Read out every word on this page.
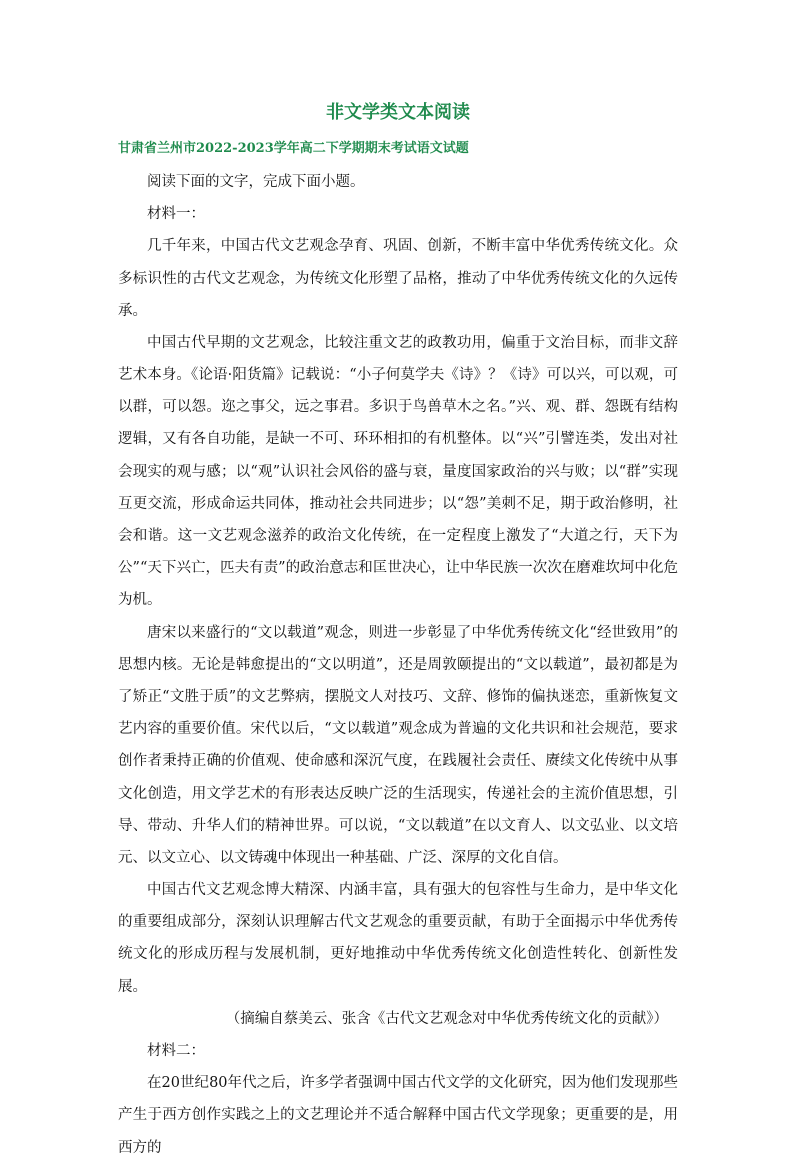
非文学类文本阅读
甘肃省兰州市2022-2023学年高二下学期期末考试语文试题

阅读下面的文字，完成下面小题。

材料一：

几千年来，中国古代文艺观念孕育、巩固、创新，不断丰富中华优秀传统文化。众多标识性的古代文艺观念，为传统文化形塑了品格，推动了中华优秀传统文化的久远传承。

中国古代早期的文艺观念，比较注重文艺的政教功用，偏重于文治目标，而非文辞艺术本身。《论语·阳货篇》记载说：“小子何莫学夫《诗》？《诗》可以兴，可以观，可以群，可以怨。迩之事父，远之事君。多识于鸟兽草木之名。”兴、观、群、怨既有结构逻辑，又有各自功能，是缺一不可、环环相扣的有机整体。以“兴”引譬连类，发出对社会现实的观与感；以“观”认识社会风俗的盛与衰，量度国家政治的兴与败；以“群”实现互更交流，形成命运共同体，推动社会共同进步；以“怨”美刺不足，期于政治修明，社会和谐。这一文艺观念滋养的政治文化传统，在一定程度上激发了“大道之行，天下为公”“天下兴亡，匹夫有责”的政治意志和匡世决心，让中华民族一次次在磨难坎坷中化危为机。

唐宋以来盛行的“文以载道”观念，则进一步彰显了中华优秀传统文化“经世致用”的思想内核。无论是韩愈提出的“文以明道”，还是周敦颐提出的“文以载道”，最初都是为了矫正“文胜于质”的文艺弊病，摆脱文人对技巧、文辞、修饰的偏执迷恋，重新恢复文艺内容的重要价值。宋代以后，“文以载道”观念成为普遍的文化共识和社会规范，要求创作者秉持正确的价值观、使命感和深沉气度，在践履社会责任、赓续文化传统中从事文化创造，用文学艺术的有形表达反映广泛的生活现实，传递社会的主流价值思想，引导、带动、升华人们的精神世界。可以说，“文以载道”在以文育人、以文弘业、以文培元、以文立心、以文铸魂中体现出一种基础、广泛、深厚的文化自信。

中国古代文艺观念博大精深、内涵丰富，具有强大的包容性与生命力，是中华文化的重要组成部分，深刻认识理解古代文艺观念的重要贡献，有助于全面揭示中华优秀传统文化的形成历程与发展机制，更好地推动中华优秀传统文化创造性转化、创新性发展。

（摘编自蔡美云、张含《古代文艺观念对中华优秀传统文化的贡献》）

材料二：

在20世纪80年代之后，许多学者强调中国古代文学的文化研究，因为他们发现那些产生于西方创作实践之上的文艺理论并不适合解释中国古代文学现象；更重要的是，用西方的
